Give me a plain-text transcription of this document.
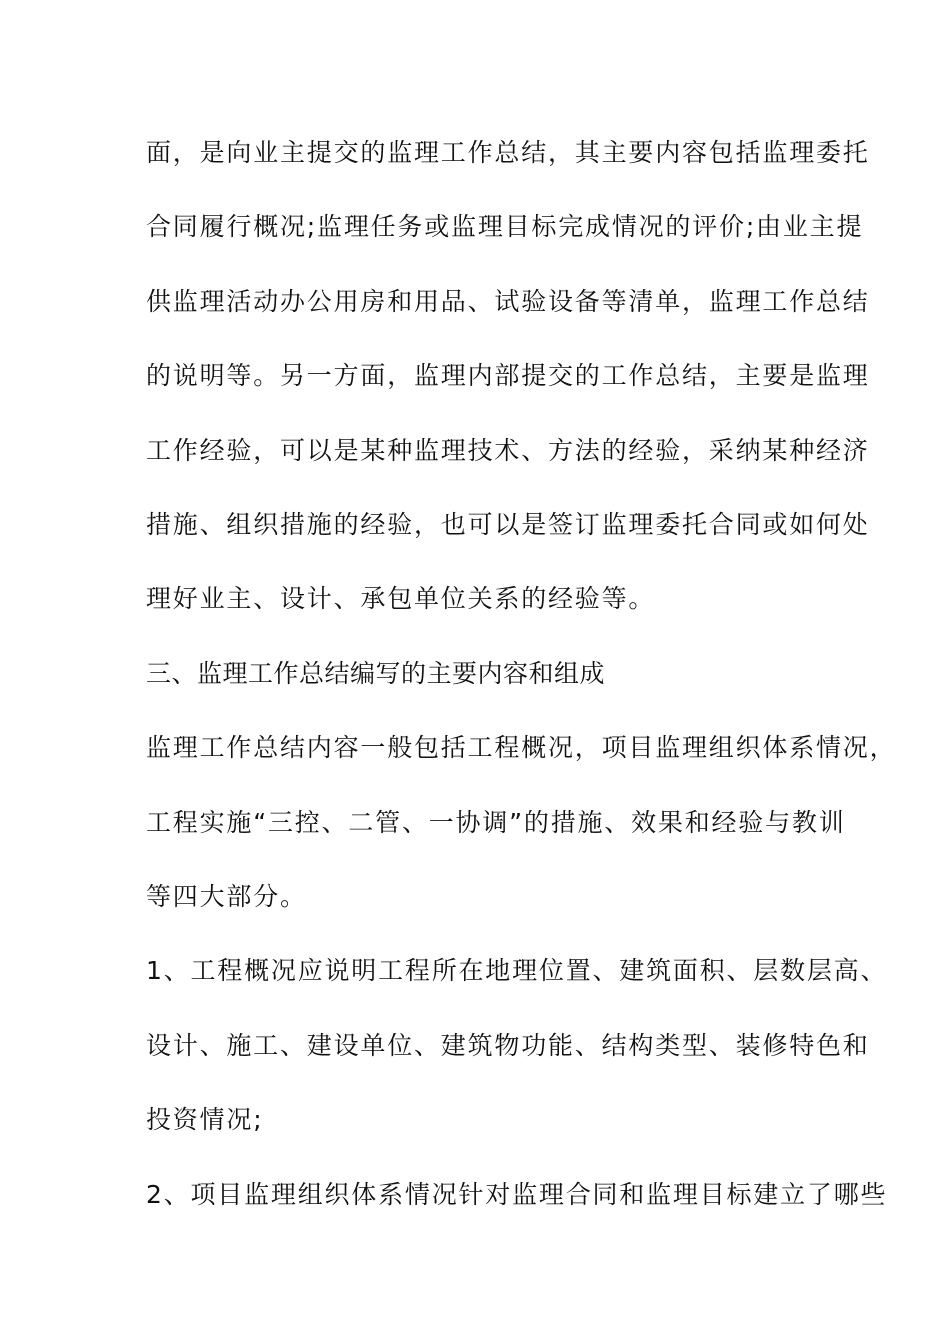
面，是向业主提交的监理工作总结，其主要内容包括监理委托
合同履行概况;监理任务或监理目标完成情况的评价;由业主提
供监理活动办公用房和用品、试验设备等清单，监理工作总结
的说明等。另一方面，监理内部提交的工作总结，主要是监理
工作经验，可以是某种监理技术、方法的经验，采纳某种经济
措施、组织措施的经验，也可以是签订监理委托合同或如何处
理好业主、设计、承包单位关系的经验等。
三、监理工作总结编写的主要内容和组成
监理工作总结内容一般包括工程概况，项目监理组织体系情况，
工程实施“三控、二管、一协调”的措施、效果和经验与教训
等四大部分。
1、工程概况应说明工程所在地理位置、建筑面积、层数层高、
设计、施工、建设单位、建筑物功能、结构类型、装修特色和
投资情况;
2、项目监理组织体系情况针对监理合同和监理目标建立了哪些
